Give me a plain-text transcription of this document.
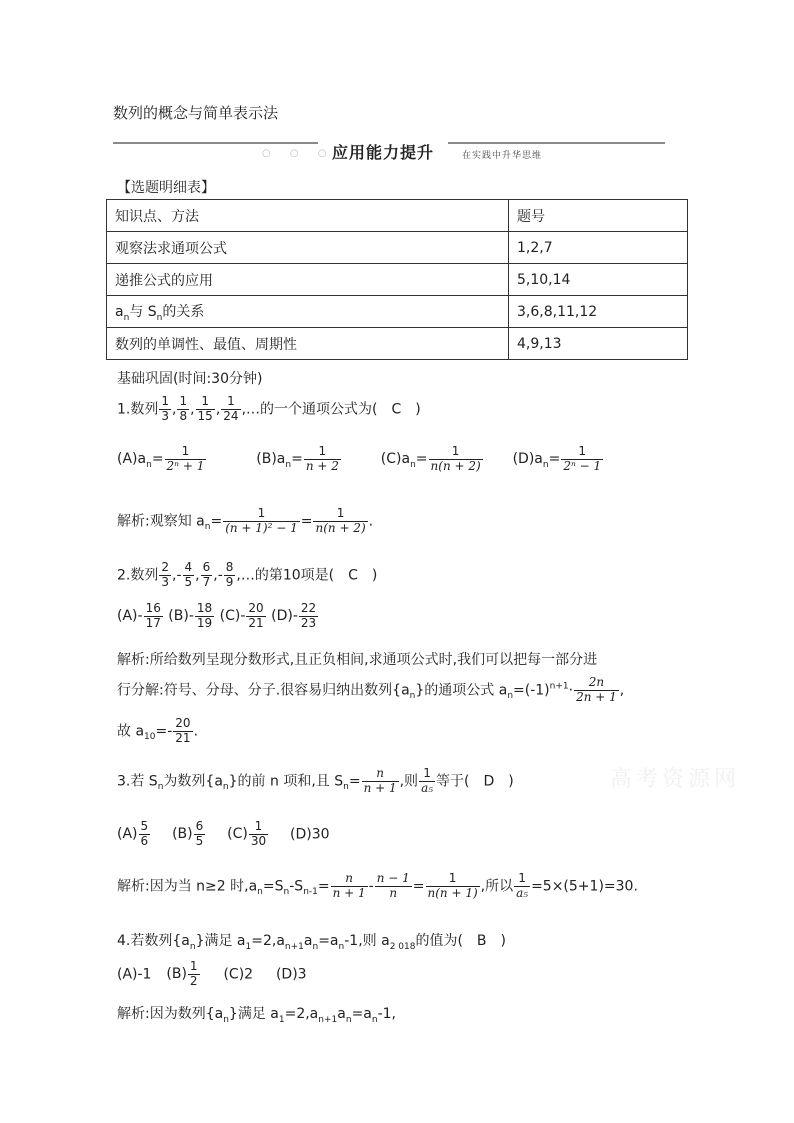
数列的概念与简单表示法
○ ○ ○
应用能力提升	在实践中升华思维
【选题明细表】
知识点、方法	题号
观察法求通项公式	1,2,7
递推公式的应用	5,10,14
$a_n$与 $S_n$的关系	3,6,8,11,12
数列的单调性、最值、周期性	4,9,13
基础巩固(时间:30分钟)
1.数列 $\frac{1}{3}$ , $\frac{1}{8}$ , $\frac{1}{15}$ , $\frac{1}{24}$ ,…的一个通项公式为(　C　)
$(A)a_n= \frac{1}{\text{2ⁿ + 1}}$	$(B)a_n= \frac{1}{n + 2}$	$(C)a_n= \frac{1}{n(n + 2)} (D)a_n= \frac{1}{\text{2ⁿ − 1}}$
解析:观察知 $a_n= \frac{1}{\text{(n + 1)² − 1}} = \frac{1}{n(n + 2)}$ .
2.数列 $\frac{2}{3}$ ,- $\frac{4}{5}$ , $\frac{6}{7}$ ,- $\frac{8}{9}$ ,…的第10项是(　C　)
$(A)- \frac{16}{17} (B)- \frac{18}{19} (C)- \frac{20}{21} (D)- \frac{22}{23}$
解析:所给数列呈现分数形式,且正负相间,求通项公式时,我们可以把每一部分进
行分解:符号、分母、分子.很容易归纳出数列$\{a_n\}$的通项公式 $a_n=(-1)^{n+1}\cdot \frac{2n}{2n + 1}$ ,
故 $a_{10}=- \frac{20}{21}$ .
高考资源网
3.若 $S_n$为数列$\{a_n\}$的前 n 项和,且 $S_n= \frac{n}{n + 1}$ ,则 $\frac{1}{\text{a₅}}$ 等于(　D　)
$(A) \frac{5}{6} (B) \frac{6}{5} (C) \frac{1}{30} (D)30$
解析:因为当 n≥2 时$,a_n=S_n-S_{n-1}= \frac{n}{n + 1} - \frac{n - 1}{n} = \frac{1}{n(n + 1)}$ ,所以 $\frac{1}{\text{a₅}} =5\times(5+1)=30$.
4.若数列$\{a_n\}$满足 $a_1=2,a_{n+1}a_n=a_n-1$,则 $a_{2 018}$的值为(　B　)
(A)-1 $(B) \frac{1}{2} (C)2$ (D)3
解析:因为数列$\{a_n\}$满足 $a_1=2,a_{n+1}a_n=a_n-1$,
